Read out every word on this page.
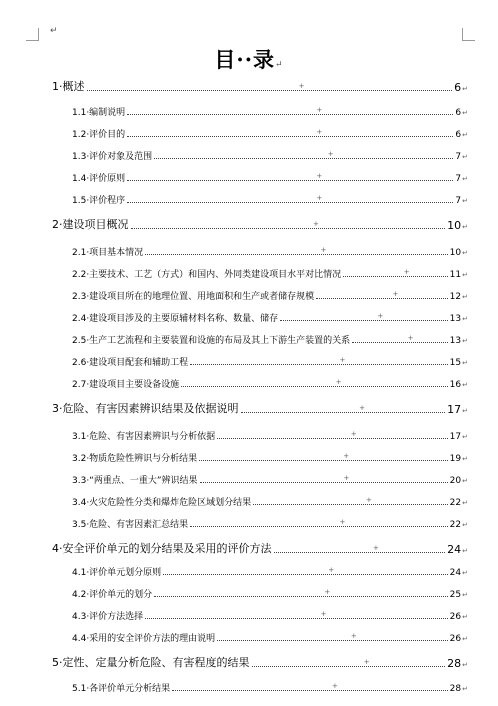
↵
目··录↵
1·概述	+	6 ↵
1.1·编制说明	+	6 ↵
1.2·评价目的	+	6 ↵
1.3·评价对象及范围	+	7 ↵
1.4·评价原则	+	7 ↵
1.5·评价程序	+	7 ↵
2·建设项目概况	+	10 ↵
2.1·项目基本情况	+	10 ↵
2.2·主要技术、工艺（方式）和国内、外同类建设项目水平对比情况	+	11 ↵
2.3·建设项目所在的地理位置、用地面积和生产或者储存规模	+	12 ↵
2.4·建设项目涉及的主要原辅材料名称、数量、储存	+	13 ↵
2.5·生产工艺流程和主要装置和设施的布局及其上下游生产装置的关系	+	13 ↵
2.6·建设项目配套和辅助工程	+	15 ↵
2.7·建设项目主要设备设施	+	16 ↵
3·危险、有害因素辨识结果及依据说明	+	17 ↵
3.1·危险、有害因素辨识与分析依据	+	17 ↵
3.2·物质危险性辨识与分析结果	+	19 ↵
3.3·“两重点、一重大”辨识结果	+	20 ↵
3.4·火灾危险性分类和爆炸危险区域划分结果	+	22 ↵
3.5·危险、有害因素汇总结果	+	22 ↵
4·安全评价单元的划分结果及采用的评价方法	+	24 ↵
4.1·评价单元划分原则	+	24 ↵
4.2·评价单元的划分	+	25 ↵
4.3·评价方法选择	+	26 ↵
4.4·采用的安全评价方法的理由说明	+	26 ↵
5·定性、定量分析危险、有害程度的结果	+	28 ↵
5.1·各评价单元分析结果	+	28 ↵
